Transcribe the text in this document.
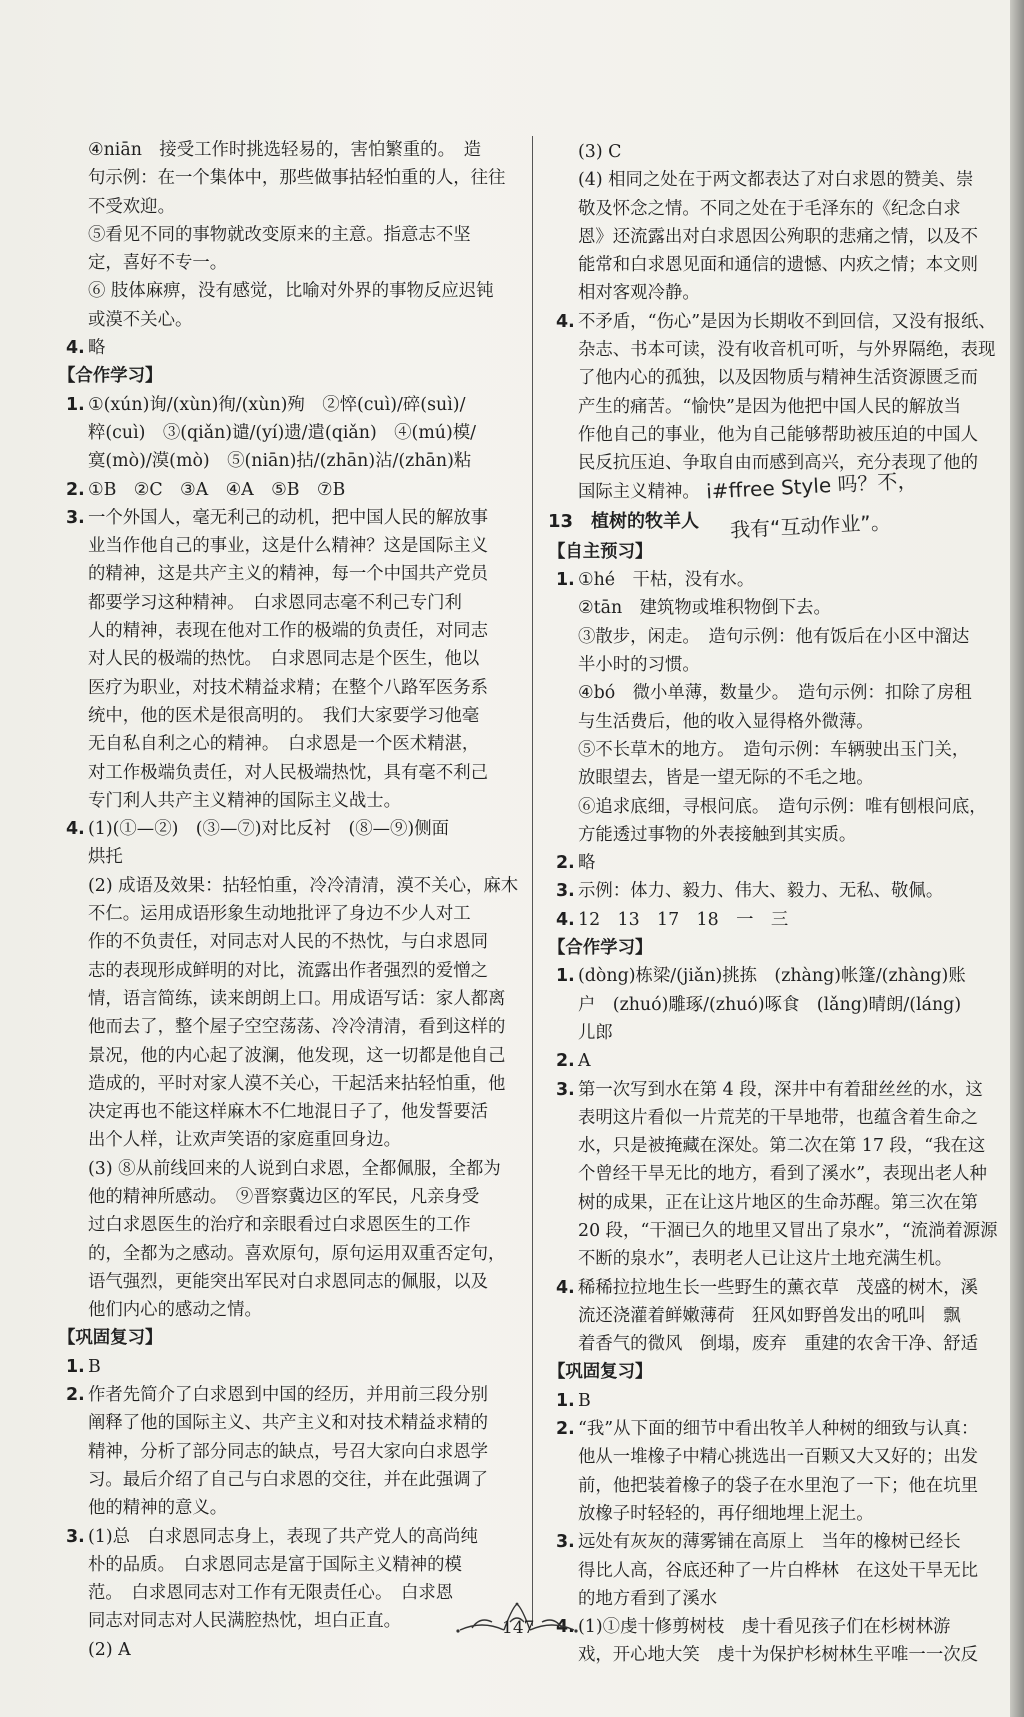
④niān　接受工作时挑选轻易的，害怕繁重的。　造
句示例：在一个集体中，那些做事拈轻怕重的人，往往
不受欢迎。
⑤看见不同的事物就改变原来的主意。指意志不坚
定，喜好不专一。
⑥ 肢体麻痹，没有感觉，比喻对外界的事物反应迟钝
或漠不关心。
4. 略
【合作学习】
1. ①(xún)询/(xùn)徇/(xùn)殉　②悴(cuì)/碎(suì)/
粹(cuì)　③(qiǎn)谴/(yí)遗/遣(qiǎn)　④(mú)模/
寞(mò)/漠(mò)　⑤(niān)拈/(zhān)沾/(zhān)粘
2. ①B　②C　③A　④A　⑤B　⑦B
3. 一个外国人，毫无利己的动机，把中国人民的解放事
业当作他自己的事业，这是什么精神？这是国际主义
的精神，这是共产主义的精神，每一个中国共产党员
都要学习这种精神。　白求恩同志毫不利己专门利
人的精神，表现在他对工作的极端的负责任，对同志
对人民的极端的热忱。　白求恩同志是个医生，他以
医疗为职业，对技术精益求精；在整个八路军医务系
统中，他的医术是很高明的。　我们大家要学习他毫
无自私自利之心的精神。　白求恩是一个医术精湛，
对工作极端负责任，对人民极端热忱，具有毫不利己
专门利人共产主义精神的国际主义战士。
4. (1)(①—②)　(③—⑦)对比反衬　(⑧—⑨)侧面
烘托
(2) 成语及效果：拈轻怕重，冷冷清清，漠不关心，麻木
不仁。运用成语形象生动地批评了身边不少人对工
作的不负责任，对同志对人民的不热忱，与白求恩同
志的表现形成鲜明的对比，流露出作者强烈的爱憎之
情，语言简练，读来朗朗上口。用成语写话：家人都离
他而去了，整个屋子空空荡荡、冷冷清清，看到这样的
景况，他的内心起了波澜，他发现，这一切都是他自己
造成的，平时对家人漠不关心，干起活来拈轻怕重，他
决定再也不能这样麻木不仁地混日子了，他发誓要活
出个人样，让欢声笑语的家庭重回身边。
(3) ⑧从前线回来的人说到白求恩，全都佩服，全都为
他的精神所感动。　⑨晋察冀边区的军民，凡亲身受
过白求恩医生的治疗和亲眼看过白求恩医生的工作
的，全都为之感动。喜欢原句，原句运用双重否定句，
语气强烈，更能突出军民对白求恩同志的佩服，以及
他们内心的感动之情。
【巩固复习】
1. B
2. 作者先简介了白求恩到中国的经历，并用前三段分别
阐释了他的国际主义、共产主义和对技术精益求精的
精神，分析了部分同志的缺点，号召大家向白求恩学
习。最后介绍了自己与白求恩的交往，并在此强调了
他的精神的意义。
3. (1)总　白求恩同志身上，表现了共产党人的高尚纯
朴的品质。　白求恩同志是富于国际主义精神的模
范。　白求恩同志对工作有无限责任心。　白求恩
同志对同志对人民满腔热忱，坦白正直。
(2) A
(3) C
(4) 相同之处在于两文都表达了对白求恩的赞美、崇
敬及怀念之情。不同之处在于毛泽东的《纪念白求
恩》还流露出对白求恩因公殉职的悲痛之情，以及不
能常和白求恩见面和通信的遗憾、内疚之情；本文则
相对客观冷静。
4. 不矛盾，“伤心”是因为长期收不到回信，又没有报纸、
杂志、书本可读，没有收音机可听，与外界隔绝，表现
了他内心的孤独，以及因物质与精神生活资源匮乏而
产生的痛苦。“愉快”是因为他把中国人民的解放当
作他自己的事业，他为自己能够帮助被压迫的中国人
民反抗压迫、争取自由而感到高兴，充分表现了他的
国际主义精神。
13　植树的牧羊人
【自主预习】
1. ①hé　干枯，没有水。
②tān　建筑物或堆积物倒下去。
③散步，闲走。　造句示例：他有饭后在小区中溜达
半小时的习惯。
④bó　微小单薄，数量少。　造句示例：扣除了房租
与生活费后，他的收入显得格外微薄。
⑤不长草木的地方。　造句示例：车辆驶出玉门关，
放眼望去，皆是一望无际的不毛之地。
⑥追求底细，寻根问底。　造句示例：唯有刨根问底，
方能透过事物的外表接触到其实质。
2. 略
3. 示例：体力、毅力、伟大、毅力、无私、敬佩。
4. 12　13　17　18　一　三
【合作学习】
1. (dòng)栋梁/(jiǎn)挑拣　(zhàng)帐篷/(zhàng)账
户　(zhuó)雕琢/(zhuó)啄食　(lǎng)晴朗/(láng)
儿郎
2. A
3. 第一次写到水在第 4 段，深井中有着甜丝丝的水，这
表明这片看似一片荒芜的干旱地带，也蕴含着生命之
水，只是被掩藏在深处。第二次在第 17 段，“我在这
个曾经干旱无比的地方，看到了溪水”，表现出老人种
树的成果，正在让这片地区的生命苏醒。第三次在第
20 段，“干涸已久的地里又冒出了泉水”，“流淌着源源
不断的泉水”，表明老人已让这片土地充满生机。
4. 稀稀拉拉地生长一些野生的薰衣草　茂盛的树木，溪
流还浇灌着鲜嫩薄荷　狂风如野兽发出的吼叫　飘
着香气的微风　倒塌，废弃　重建的农舍干净、舒适
【巩固复习】
1. B
2. “我”从下面的细节中看出牧羊人种树的细致与认真：
他从一堆橡子中精心挑选出一百颗又大又好的；出发
前，他把装着橡子的袋子在水里泡了一下；他在坑里
放橡子时轻轻的，再仔细地埋上泥土。
3. 远处有灰灰的薄雾铺在高原上　当年的橡树已经长
得比人高，谷底还种了一片白桦林　在这处干旱无比
的地方看到了溪水
4. (1)①虔十修剪树枝　虔十看见孩子们在杉树林游
戏，开心地大笑　虔十为保护杉树林生平唯一一次反
i#ffree Style 吗？不，
我有“互动作业”。
147
